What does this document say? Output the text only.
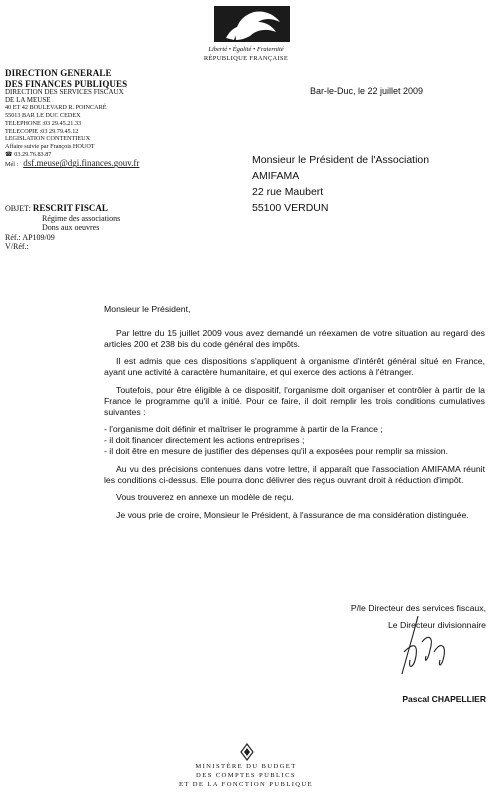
Liberté • Égalité • Fraternité
RÉPUBLIQUE FRANÇAISE
DIRECTION GENERALE
DES FINANCES PUBLIQUES
DIRECTION DES SERVICES FISCAUX
DE LA MEUSE
40 ET 42 BOULEVARD R. POINCARÉ
55013 BAR LE DUC CEDEX
TELEPHONE :03 29.45.21.33
TELECOPIE :03 29.79.45.12
LEGISLATION CONTENTIEUX
Affaire suivie par François HOUOT
☎ 03.29.76.83.87
Mél : dsf.meuse@dgi.finances.gouv.fr
OBJET: RESCRIT FISCAL
Régime des associations
Dons aux oeuvres
Réf.: AP109/09
V/Réf.:
Bar-le-Duc, le 22 juillet 2009
Monsieur le Président de l'Association
AMIFAMA
22 rue Maubert
55100 VERDUN

Monsieur le Président,

Par lettre du 15 juillet 2009 vous avez demandé un réexamen de votre situation au regard des articles 200 et 238 bis du code général des impôts.

Il est admis que ces dispositions s'appliquent à organisme d'intérêt général situé en France, ayant une activité à caractère humanitaire, et qui exerce des actions à l'étranger.

Toutefois, pour être éligible à ce dispositif, l'organisme doit organiser et contrôler à partir de la France le programme qu'il a initié. Pour ce faire, il doit remplir les trois conditions cumulatives suivantes :

- l'organisme doit définir et maîtriser le programme à partir de la France ;
- il doit financer directement les actions entreprises ;
- il doit être en mesure de justifier des dépenses qu'il a exposées pour remplir sa mission.

Au vu des précisions contenues dans votre lettre, il apparaît que l'association AMIFAMA réunit les conditions ci-dessus. Elle pourra donc délivrer des reçus ouvrant droit à réduction d'impôt.

Vous trouverez en annexe un modèle de reçu.

Je vous prie de croire, Monsieur le Président, à l'assurance de ma considération distinguée.

P/le Directeur des services fiscaux,
Le Directeur divisionnaire
Pascal CHAPELLIER
MINISTÈRE DU BUDGET
DES COMPTES PUBLICS
ET DE LA FONCTION PUBLIQUE
